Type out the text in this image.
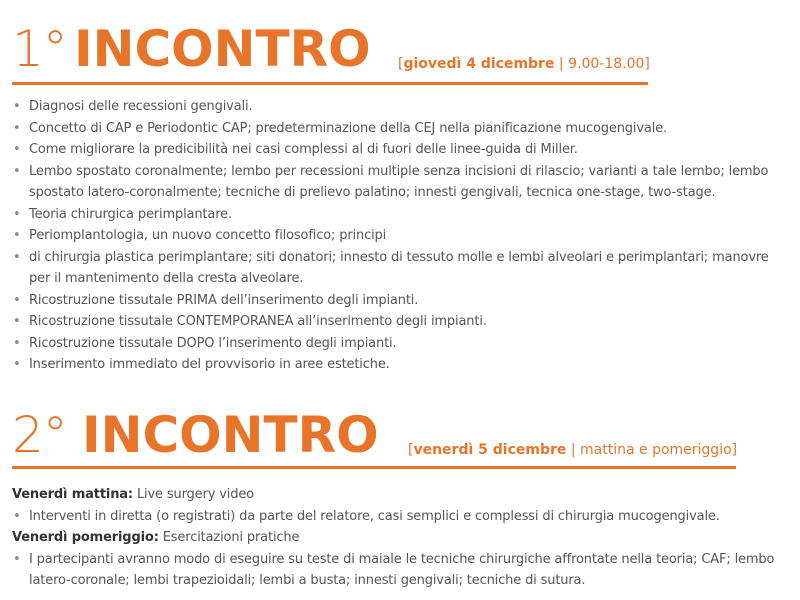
1° INCONTRO [giovedì 4 dicembre | 9.00-18.00]
• Diagnosi delle recessioni gengivali.
• Concetto di CAP e Periodontic CAP; predeterminazione della CEJ nella pianificazione mucogengivale.
• Come migliorare la predicibilità nei casi complessi al di fuori delle linee-guida di Miller.
• Lembo spostato coronalmente; lembo per recessioni multiple senza incisioni di rilascio; varianti a tale lembo; lembo spostato latero-coronalmente; tecniche di prelievo palatino; innesti gengivali, tecnica one-stage, two-stage.
• Teoria chirurgica perimplantare.
• Periomplantologia, un nuovo concetto filosofico; principi
• di chirurgia plastica perimplantare; siti donatori; innesto di tessuto molle e lembi alveolari e perimplantari; manovre per il mantenimento della cresta alveolare.
• Ricostruzione tissutale PRIMA dell’inserimento degli impianti.
• Ricostruzione tissutale CONTEMPORANEA all’inserimento degli impianti.
• Ricostruzione tissutale DOPO l’inserimento degli impianti.
• Inserimento immediato del provvisorio in aree estetiche.
2° INCONTRO [venerdì 5 dicembre | mattina e pomeriggio]
Venerdì mattina: Live surgery video
• Interventi in diretta (o registrati) da parte del relatore, casi semplici e complessi di chirurgia mucogengivale.
Venerdì pomeriggio: Esercitazioni pratiche
• I partecipanti avranno modo di eseguire su teste di maiale le tecniche chirurgiche affrontate nella teoria; CAF; lembo latero-coronale; lembi trapezioidali; lembi a busta; innesti gengivali; tecniche di sutura.
